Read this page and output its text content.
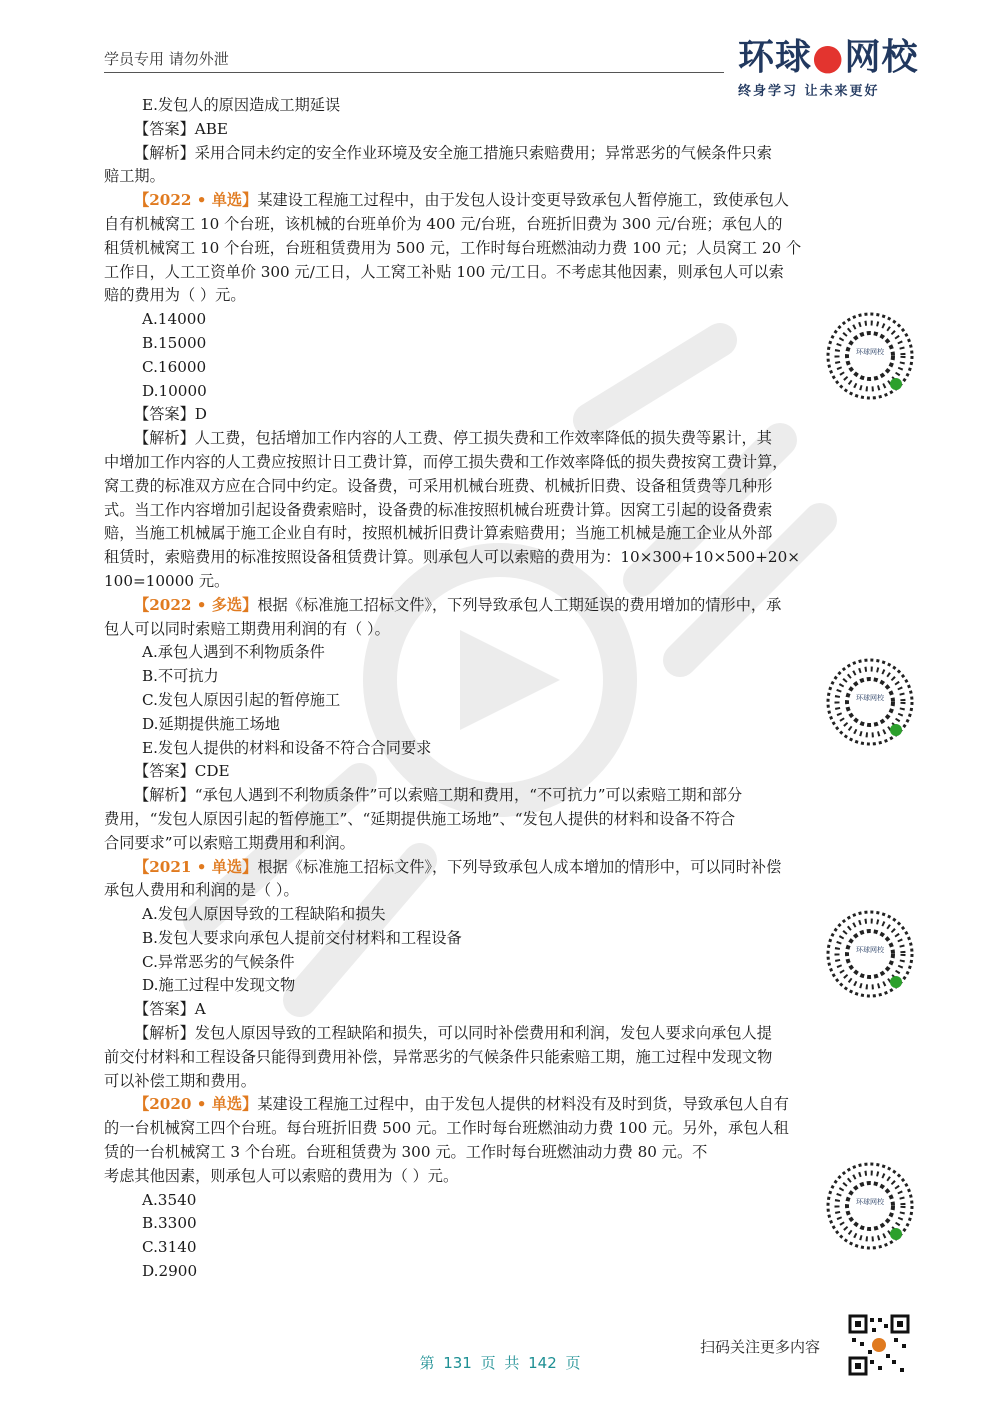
学员专用 请勿外泄	环球●网校
终身学习 让未来更好
E.发包人的原因造成工期延误
【答案】ABE
【解析】采用合同未约定的安全作业环境及安全施工措施只索赔费用；异常恶劣的气候条件只索
赔工期。
【2022 • 单选】某建设工程施工过程中，由于发包人设计变更导致承包人暂停施工，致使承包人
自有机械窝工 10 个台班，该机械的台班单价为 400 元/台班，台班折旧费为 300 元/台班；承包人的
租赁机械窝工 10 个台班，台班租赁费用为 500 元，工作时每台班燃油动力费 100 元；人员窝工 20 个
工作日，人工工资单价 300 元/工日，人工窝工补贴 100 元/工日。不考虑其他因素，则承包人可以索
赔的费用为（ ）元。
A.14000
B.15000
C.16000
D.10000
【答案】D
【解析】人工费，包括增加工作内容的人工费、停工损失费和工作效率降低的损失费等累计，其
中增加工作内容的人工费应按照计日工费计算，而停工损失费和工作效率降低的损失费按窝工费计算，
窝工费的标准双方应在合同中约定。设备费，可采用机械台班费、机械折旧费、设备租赁费等几种形
式。当工作内容增加引起设备费索赔时，设备费的标准按照机械台班费计算。因窝工引起的设备费索
赔，当施工机械属于施工企业自有时，按照机械折旧费计算索赔费用；当施工机械是施工企业从外部
租赁时，索赔费用的标准按照设备租赁费计算。则承包人可以索赔的费用为：10×300+10×500+20×
100=10000 元。
【2022 • 多选】根据《标准施工招标文件》，下列导致承包人工期延误的费用增加的情形中，承
包人可以同时索赔工期费用利润的有（ ）。
A.承包人遇到不利物质条件
B.不可抗力
C.发包人原因引起的暂停施工
D.延期提供施工场地
E.发包人提供的材料和设备不符合合同要求
【答案】CDE
【解析】“承包人遇到不利物质条件”可以索赔工期和费用，“不可抗力”可以索赔工期和部分
费用，“发包人原因引起的暂停施工”、“延期提供施工场地”、“发包人提供的材料和设备不符合
合同要求”可以索赔工期费用和利润。
【2021 • 单选】根据《标准施工招标文件》，下列导致承包人成本增加的情形中，可以同时补偿
承包人费用和利润的是（ ）。
A.发包人原因导致的工程缺陷和损失
B.发包人要求向承包人提前交付材料和工程设备
C.异常恶劣的气候条件
D.施工过程中发现文物
【答案】A
【解析】发包人原因导致的工程缺陷和损失，可以同时补偿费用和利润，发包人要求向承包人提
前交付材料和工程设备只能得到费用补偿，异常恶劣的气候条件只能索赔工期，施工过程中发现文物
可以补偿工期和费用。
【2020 • 单选】某建设工程施工过程中，由于发包人提供的材料没有及时到货，导致承包人自有
的一台机械窝工四个台班。每台班折旧费 500 元。工作时每台班燃油动力费 100 元。另外，承包人租
赁的一台机械窝工 3 个台班。台班租赁费为 300 元。工作时每台班燃油动力费 80 元。不
考虑其他因素，则承包人可以索赔的费用为（ ）元。
A.3540
B.3300
C.3140
D.2900
环球网校
环球网校
环球网校
环球网校
第 131 页 共 142 页
扫码关注更多内容
